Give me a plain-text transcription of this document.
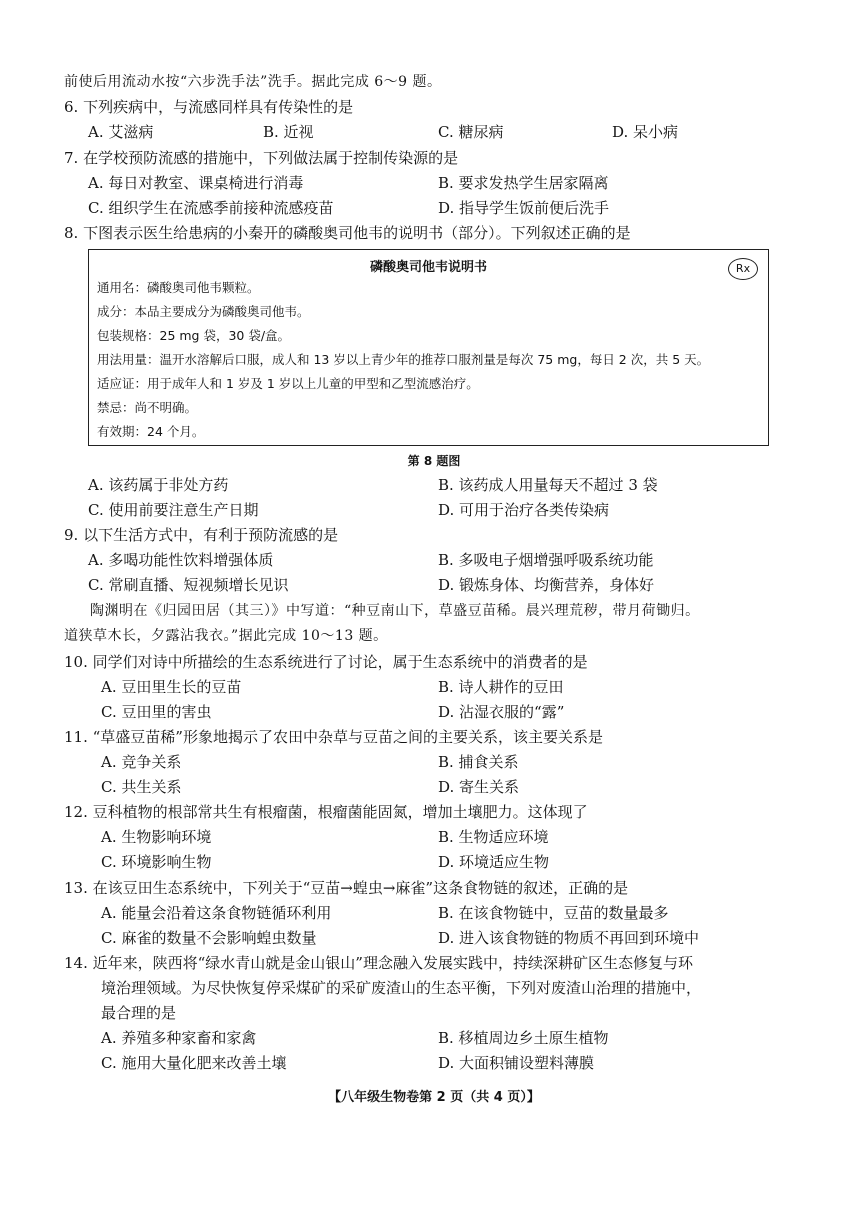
前使后用流动水按“六步洗手法”洗手。据此完成 6～9 题。
6. 下列疾病中，与流感同样具有传染性的是
A. 艾滋病	B. 近视	C. 糖尿病	D. 呆小病
7. 在学校预防流感的措施中，下列做法属于控制传染源的是
A. 每日对教室、课桌椅进行消毒	B. 要求发热学生居家隔离
C. 组织学生在流感季前接种流感疫苗	D. 指导学生饭前便后洗手
8. 下图表示医生给患病的小秦开的磷酸奥司他韦的说明书（部分）。下列叙述正确的是
磷酸奥司他韦说明书	Rx
通用名：磷酸奥司他韦颗粒。
成分：本品主要成分为磷酸奥司他韦。
包装规格：25 mg 袋，30 袋/盒。
用法用量：温开水溶解后口服，成人和 13 岁以上青少年的推荐口服剂量是每次 75 mg，每日 2 次，共 5 天。
适应证：用于成年人和 1 岁及 1 岁以上儿童的甲型和乙型流感治疗。
禁忌：尚不明确。
有效期：24 个月。
第 8 题图
A. 该药属于非处方药	B. 该药成人用量每天不超过 3 袋
C. 使用前要注意生产日期	D. 可用于治疗各类传染病
9. 以下生活方式中，有利于预防流感的是
A. 多喝功能性饮料增强体质	B. 多吸电子烟增强呼吸系统功能
C. 常刷直播、短视频增长见识	D. 锻炼身体、均衡营养，身体好
陶渊明在《归园田居（其三）》中写道：“种豆南山下，草盛豆苗稀。晨兴理荒秽，带月荷锄归。
道狭草木长，夕露沾我衣。”据此完成 10～13 题。
10. 同学们对诗中所描绘的生态系统进行了讨论，属于生态系统中的消费者的是
A. 豆田里生长的豆苗	B. 诗人耕作的豆田
C. 豆田里的害虫	D. 沾湿衣服的“露”
11. “草盛豆苗稀”形象地揭示了农田中杂草与豆苗之间的主要关系，该主要关系是
A. 竞争关系	B. 捕食关系
C. 共生关系	D. 寄生关系
12. 豆科植物的根部常共生有根瘤菌，根瘤菌能固氮，增加土壤肥力。这体现了
A. 生物影响环境	B. 生物适应环境
C. 环境影响生物	D. 环境适应生物
13. 在该豆田生态系统中，下列关于“豆苗→蝗虫→麻雀”这条食物链的叙述，正确的是
A. 能量会沿着这条食物链循环利用	B. 在该食物链中，豆苗的数量最多
C. 麻雀的数量不会影响蝗虫数量	D. 进入该食物链的物质不再回到环境中
14. 近年来，陕西将“绿水青山就是金山银山”理念融入发展实践中，持续深耕矿区生态修复与环
境治理领域。为尽快恢复停采煤矿的采矿废渣山的生态平衡，下列对废渣山治理的措施中，
最合理的是
A. 养殖多种家畜和家禽	B. 移植周边乡土原生植物
C. 施用大量化肥来改善土壤	D. 大面积铺设塑料薄膜
【八年级生物卷第 2 页（共 4 页）】
